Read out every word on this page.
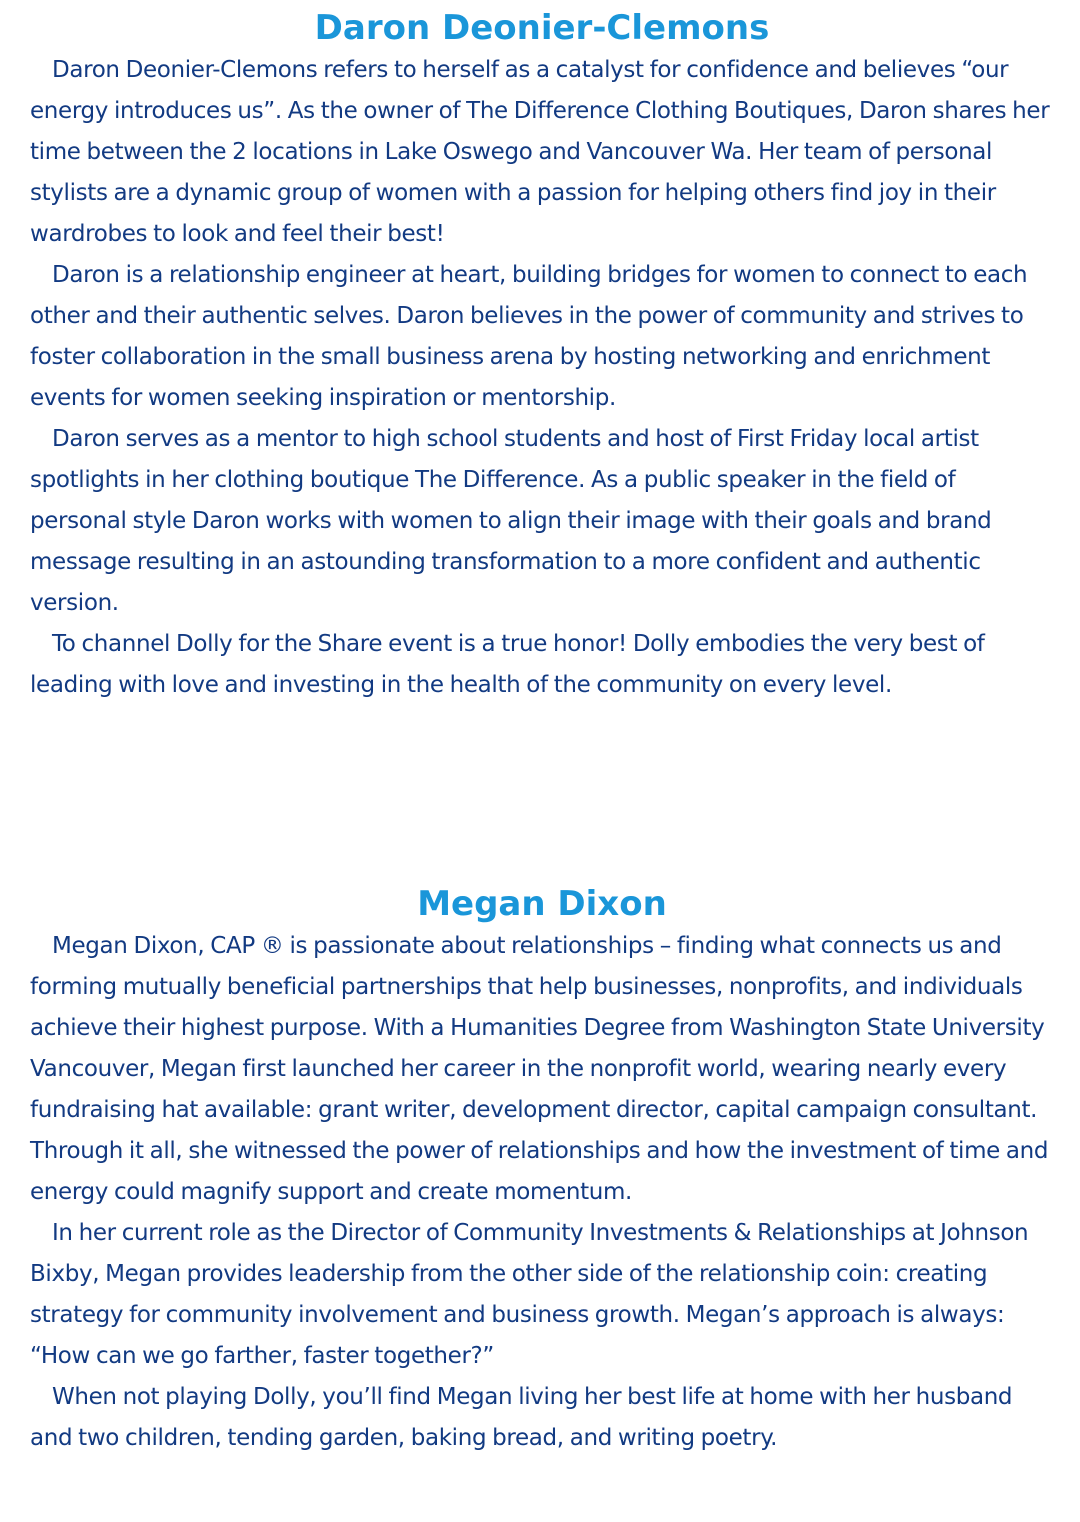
Daron Deonier-Clemons

Daron Deonier-Clemons refers to herself as a catalyst for confidence and believes “our energy introduces us”. As the owner of The Difference Clothing Boutiques, Daron shares her time between the 2 locations in Lake Oswego and Vancouver Wa. Her team of personal stylists are a dynamic group of women with a passion for helping others find joy in their wardrobes to look and feel their best!

Daron is a relationship engineer at heart, building bridges for women to connect to each other and their authentic selves. Daron believes in the power of community and strives to foster collaboration in the small business arena by hosting networking and enrichment events for women seeking inspiration or mentorship.

Daron serves as a mentor to high school students and host of First Friday local artist spotlights in her clothing boutique The Difference. As a public speaker in the field of personal style Daron works with women to align their image with their goals and brand message resulting in an astounding transformation to a more confident and authentic version.

To channel Dolly for the Share event is a true honor! Dolly embodies the very best of leading with love and investing in the health of the community on every level.

Megan Dixon

Megan Dixon, CAP ® is passionate about relationships – finding what connects us and forming mutually beneficial partnerships that help businesses, nonprofits, and individuals achieve their highest purpose. With a Humanities Degree from Washington State University Vancouver, Megan first launched her career in the nonprofit world, wearing nearly every fundraising hat available: grant writer, development director, capital campaign consultant. Through it all, she witnessed the power of relationships and how the investment of time and energy could magnify support and create momentum.

In her current role as the Director of Community Investments & Relationships at Johnson Bixby, Megan provides leadership from the other side of the relationship coin: creating strategy for community involvement and business growth. Megan’s approach is always: “How can we go farther, faster together?”

When not playing Dolly, you’ll find Megan living her best life at home with her husband and two children, tending garden, baking bread, and writing poetry.
